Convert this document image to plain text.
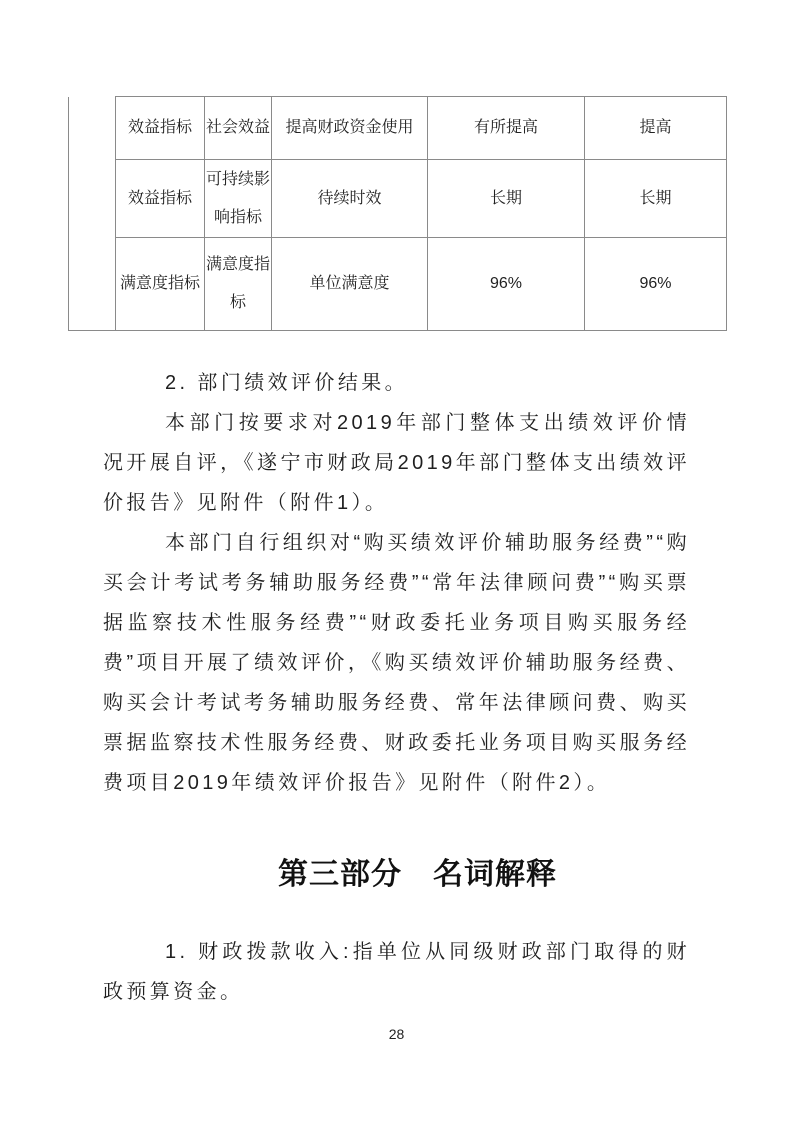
	效益指标	社会效益	提高财政资金使用	有所提高	提高
	效益指标	可持续影响指标	待续时效	长期	长期
	满意度指标	满意度指标	单位满意度	96%	96%

2. 部门绩效评价结果。

本部门按要求对2019年部门整体支出绩效评价情况开展自评，《遂宁市财政局2019年部门整体支出绩效评价报告》见附件（附件1）。

本部门自行组织对“购买绩效评价辅助服务经费”“购买会计考试考务辅助服务经费”“常年法律顾问费”“购买票据监察技术性服务经费”“财政委托业务项目购买服务经费”项目开展了绩效评价，《购买绩效评价辅助服务经费、购买会计考试考务辅助服务经费、常年法律顾问费、购买票据监察技术性服务经费、财政委托业务项目购买服务经费项目2019年绩效评价报告》见附件（附件2）。

第三部分　名词解释

1. 财政拨款收入:指单位从同级财政部门取得的财政预算资金。

28
